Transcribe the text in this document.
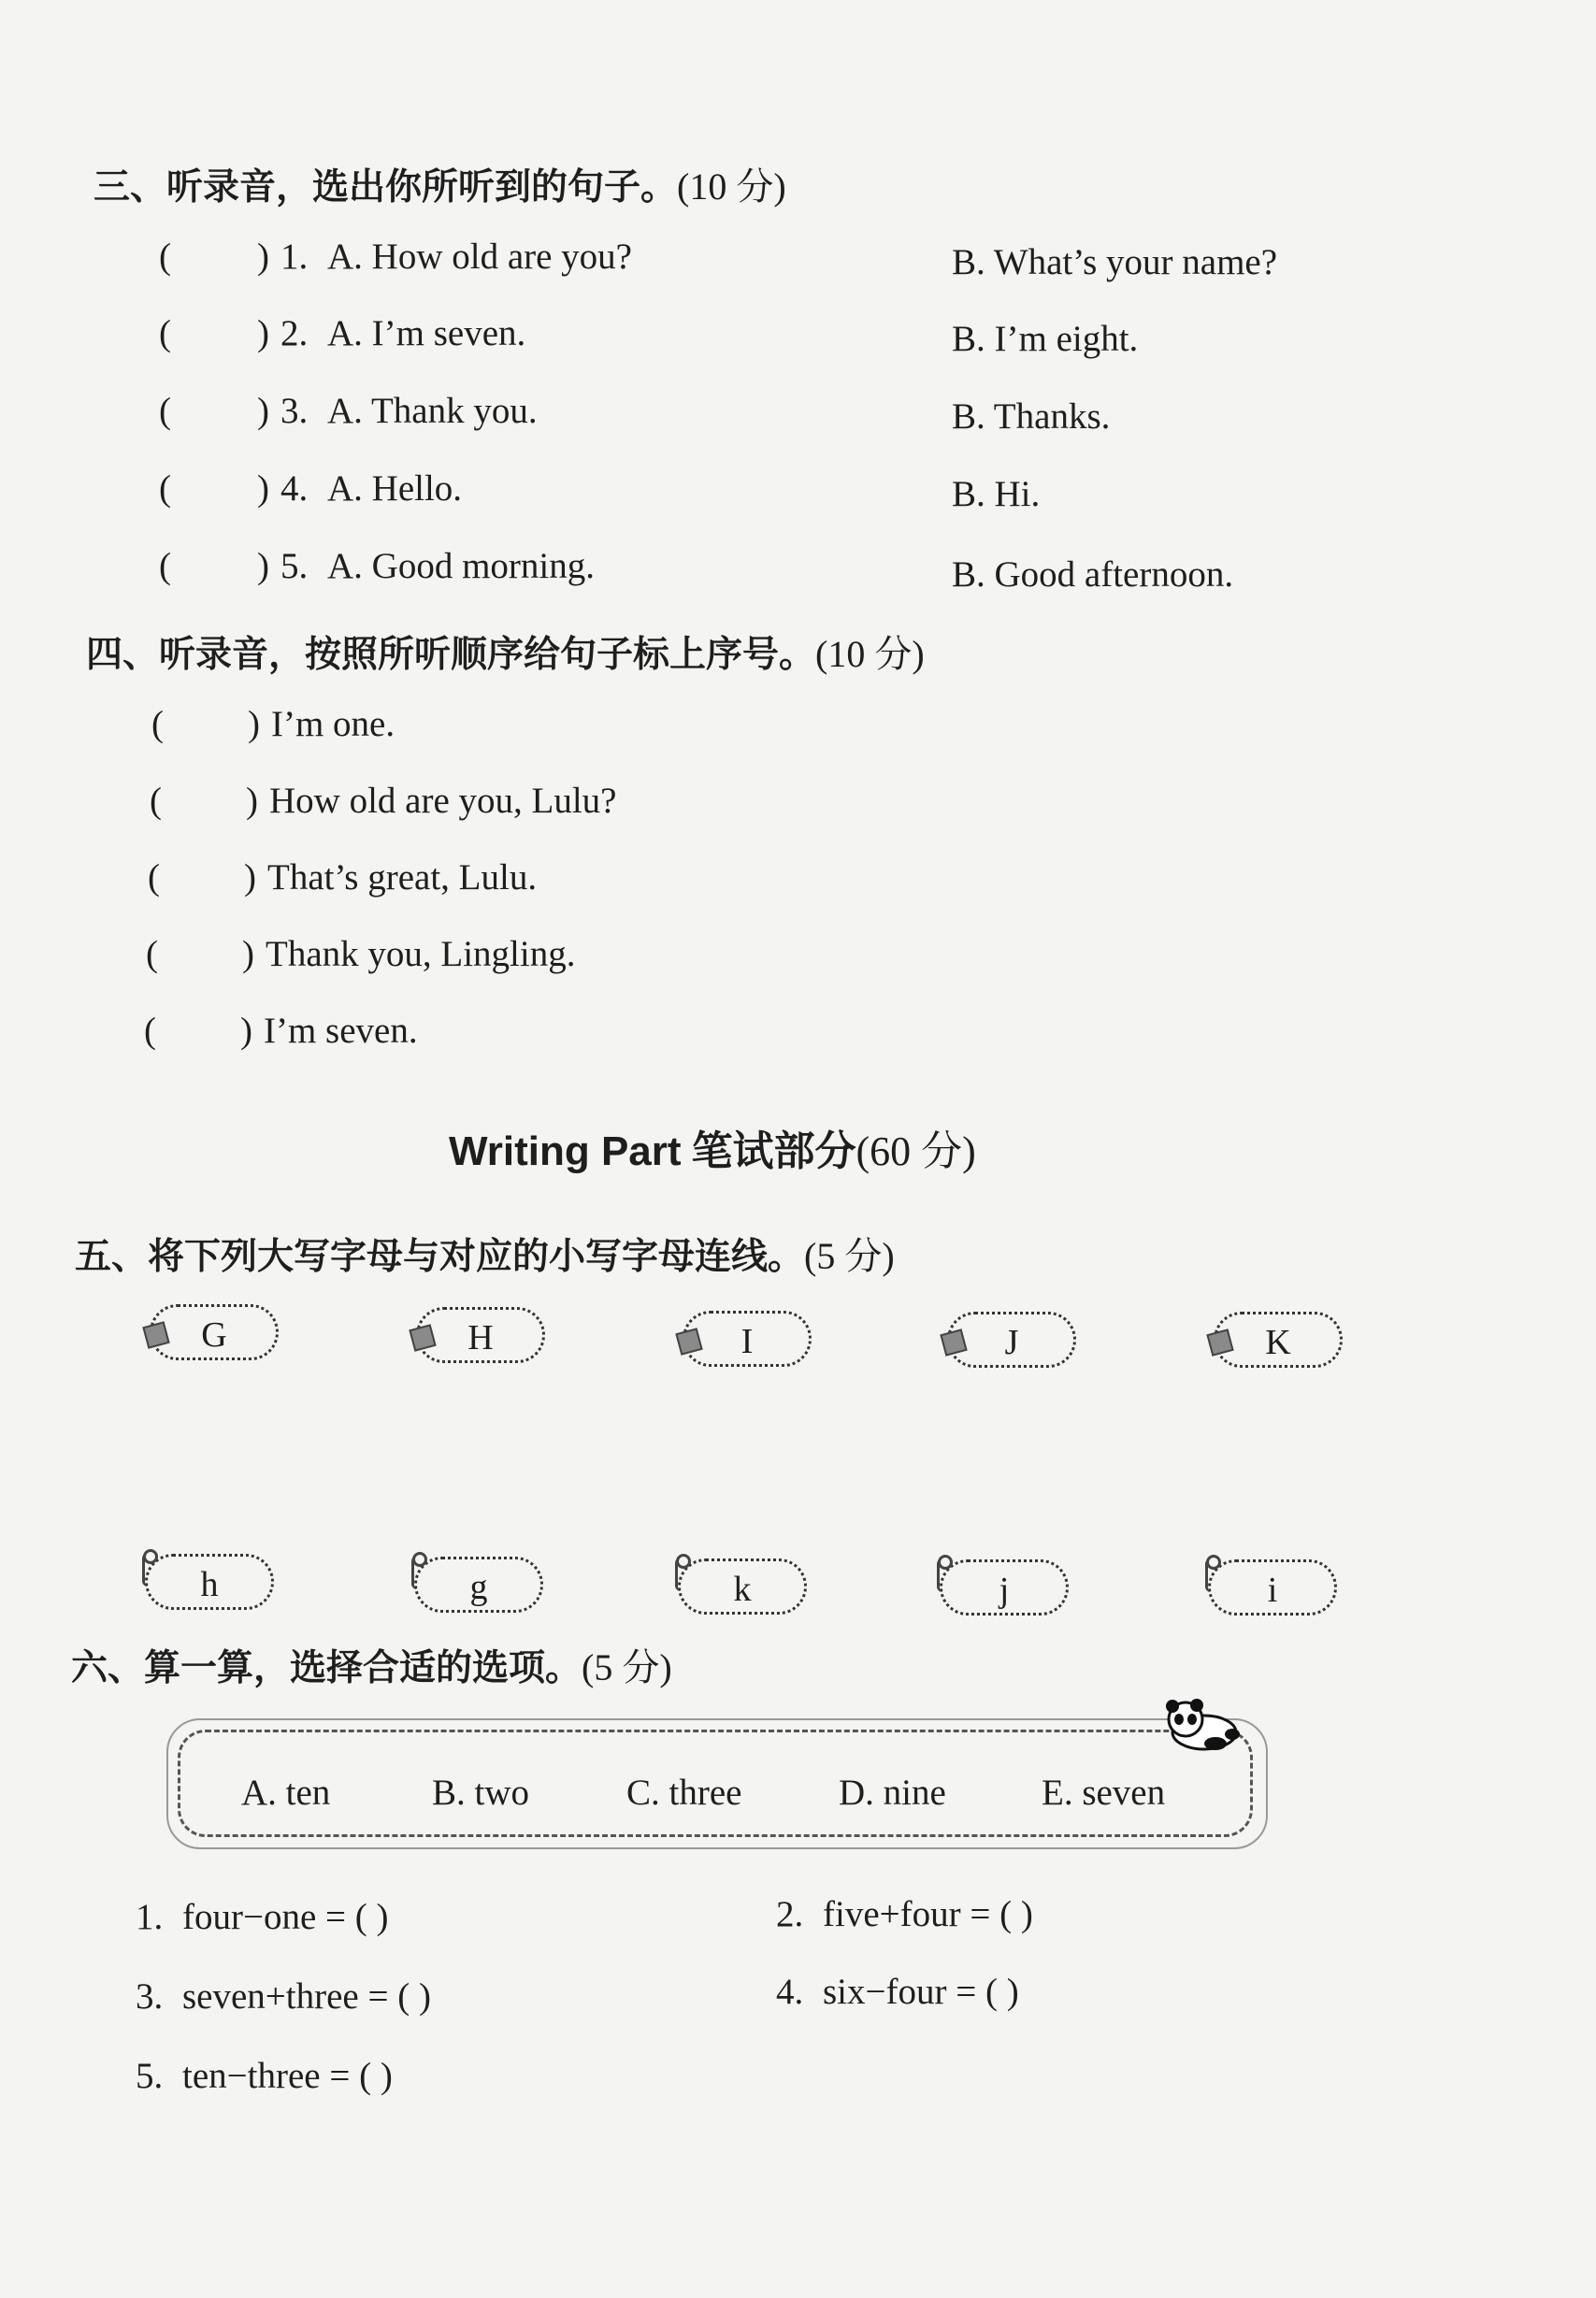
三、听录音，选出你所听到的句子。(10 分)
( ) 1. A. How old are you?	B. What’s your name?
( ) 2. A. I’m seven.	B. I’m eight.
( ) 3. A. Thank you.	B. Thanks.
( ) 4. A. Hello.	B. Hi.
( ) 5. A. Good morning.	B. Good afternoon.
四、听录音，按照所听顺序给句子标上序号。(10 分)
( ) I’m one.
( ) How old are you, Lulu?
( ) That’s great, Lulu.
( ) Thank you, Lingling.
( ) I’m seven.
Writing Part 笔试部分(60 分)
五、将下列大写字母与对应的小写字母连线。(5 分)
G	H	I	J	K
h	g	k	j	i
六、算一算，选择合适的选项。(5 分)
A. ten	B. two	C. three	D. nine	E. seven
1. four−one = ( )	2. five+four = ( )
3. seven+three = ( )	4. six−four = ( )
5. ten−three = ( )
